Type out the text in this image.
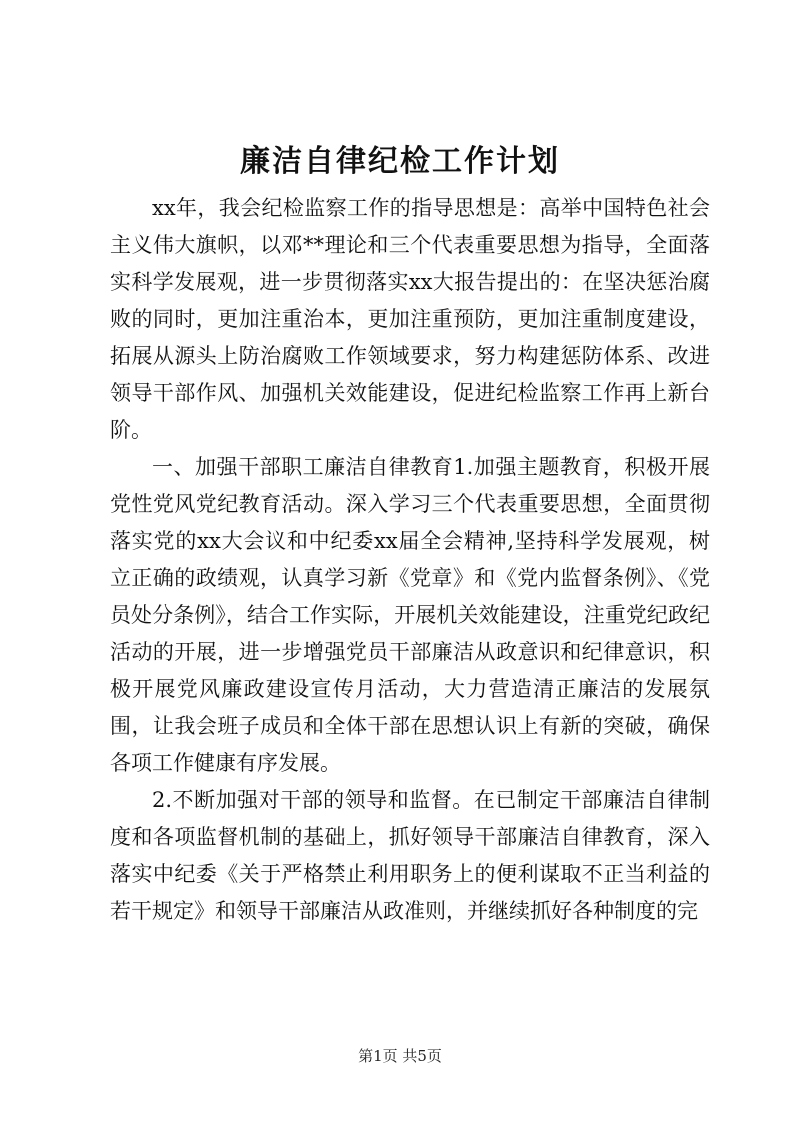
廉洁自律纪检工作计划

xx年，我会纪检监察工作的指导思想是：高举中国特色社会主义伟大旗帜，以邓**理论和三个代表重要思想为指导，全面落实科学发展观，进一步贯彻落实xx大报告提出的：在坚决惩治腐败的同时，更加注重治本，更加注重预防，更加注重制度建设，拓展从源头上防治腐败工作领域要求，努力构建惩防体系、改进领导干部作风、加强机关效能建设，促进纪检监察工作再上新台阶。

一、加强干部职工廉洁自律教育1.加强主题教育，积极开展党性党风党纪教育活动。深入学习三个代表重要思想，全面贯彻落实党的xx大会议和中纪委xx届全会精神,坚持科学发展观，树立正确的政绩观，认真学习新《党章》和《党内监督条例》、《党员处分条例》，结合工作实际，开展机关效能建设，注重党纪政纪活动的开展，进一步增强党员干部廉洁从政意识和纪律意识，积极开展党风廉政建设宣传月活动，大力营造清正廉洁的发展氛围，让我会班子成员和全体干部在思想认识上有新的突破，确保各项工作健康有序发展。

2.不断加强对干部的领导和监督。在已制定干部廉洁自律制度和各项监督机制的基础上，抓好领导干部廉洁自律教育，深入落实中纪委《关于严格禁止利用职务上的便利谋取不正当利益的若干规定》和领导干部廉洁从政准则，并继续抓好各种制度的完

第1页 共5页
